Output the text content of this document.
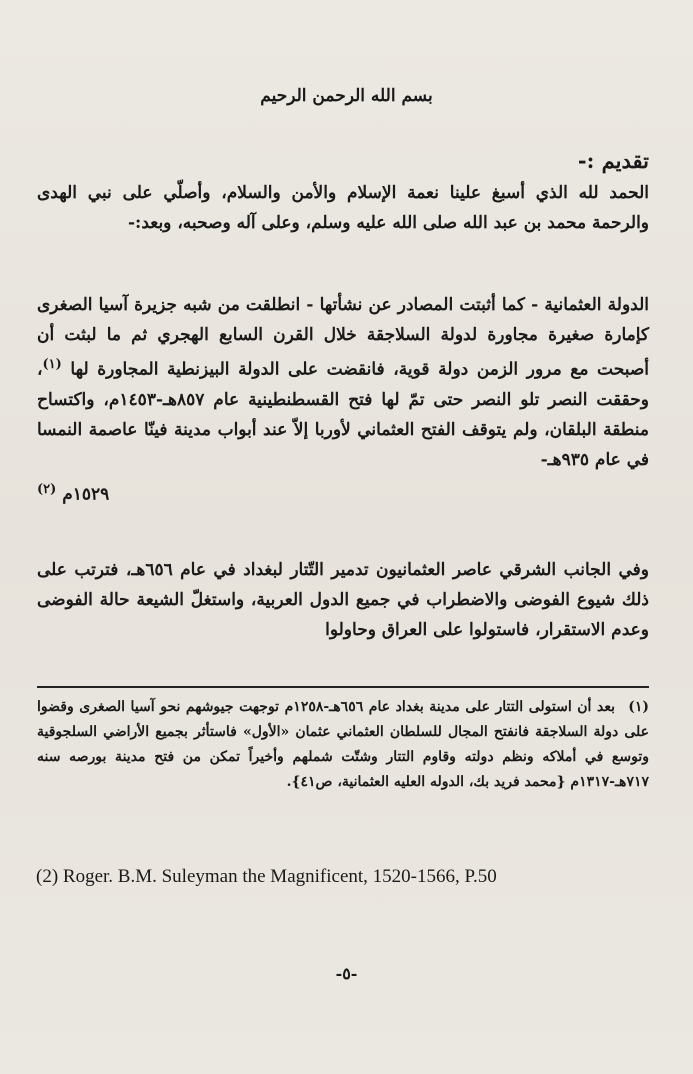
بسم الله الرحمن الرحيم
تقديم :-
الحمد لله الذي أسبغ علينا نعمة الإسلام والأمن والسلام، وأصلّي على نبي الهدى والرحمة محمد بن عبد الله صلى الله عليه وسلم، وعلى آله وصحبه، وبعد:-
الدولة العثمانية - كما أثبتت المصادر عن نشأتها - انطلقت من شبه جزيرة آسيا الصغرى كإمارة صغيرة مجاورة لدولة السلاجقة خلال القرن السابع الهجري ثم ما لبثت أن أصبحت مع مرور الزمن دولة قوية، فانقضت على الدولة البيزنطية المجاورة لها $^{(١)}$، وحققت النصر تلو النصر حتى تمّ لها فتح القسطنطينية عام ٨٥٧هـ-١٤٥٣م، واكتساح منطقة البلقان، ولم يتوقف الفتح العثماني لأوربا إلاّ عند أبواب مدينة فينّا عاصمة النمسا في عام ٩٣٥هـ-
١٥٢٩م $^{(٢)}$
وفي الجانب الشرقي عاصر العثمانيون تدمير التّتار لبغداد في عام ٦٥٦هـ، فترتب على ذلك شيوع الفوضى والاضطراب في جميع الدول العربية، واستغلّ الشيعة حالة الفوضى وعدم الاستقرار، فاستولوا على العراق وحاولوا
(١)بعد أن استولى التتار على مدينة بغداد عام ٦٥٦هـ-١٢٥٨م توجهت جيوشهم نحو آسيا الصغرى وقضوا على دولة السلاجقة فانفتح المجال للسلطان العثماني عثمان «الأول» فاستأثر بجميع الأراضي السلجوقية وتوسع في أملاكه ونظم دولته وقاوم التتار وشتّت شملهم وأخيراً تمكن من فتح مدينة بورصه سنه ٧١٧هـ-١٣١٧م {محمد فريد بك، الدوله العليه العثمانية، ص٤١}.
(2) Roger. B.M. Suleyman the Magnificent, 1520-1566, P.50
-٥-
